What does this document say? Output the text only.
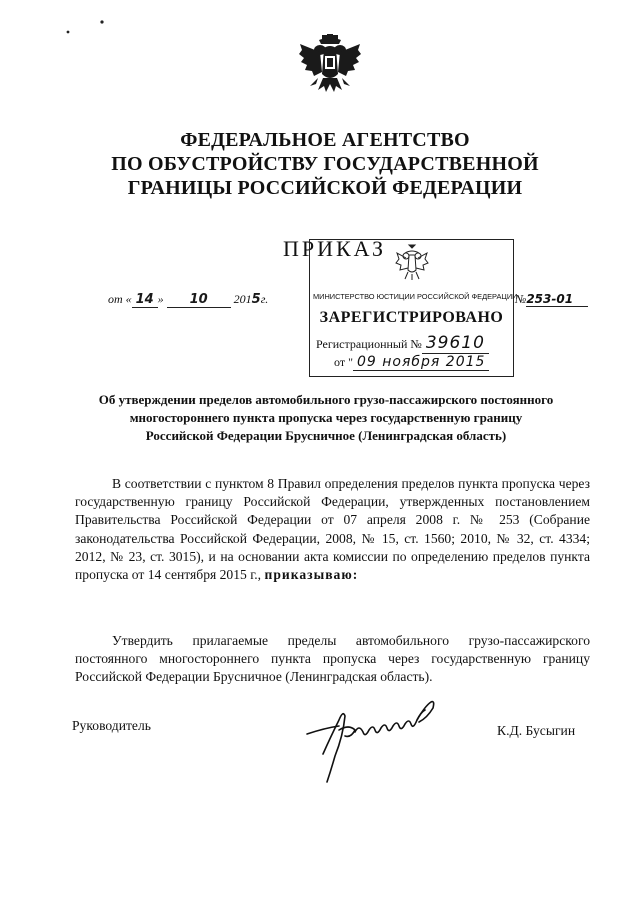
ФЕДЕРАЛЬНОЕ АГЕНТСТВО
ПО ОБУСТРОЙСТВУ ГОСУДАРСТВЕННОЙ
ГРАНИЦЫ РОССИЙСКОЙ ФЕДЕРАЦИИ
ПРИКАЗ
от « 14 » 10 2015г.	№253-01
МИНИСТЕРСТВО ЮСТИЦИИ РОССИЙСКОЙ ФЕДЕРАЦИИ
ЗАРЕГИСТРИРОВАНО
Регистрационный № 39610
от " 09 ноября 2015
Об утверждении пределов автомобильного грузо-пассажирского постоянного
многостороннего пункта пропуска через государственную границу
Российской Федерации Брусничное (Ленинградская область)

В соответствии с пунктом 8 Правил определения пределов пункта пропуска через государственную границу Российской Федерации, утвержденных постановлением Правительства Российской Федерации от 07 апреля 2008 г. № 253 (Собрание законодательства Российской Федерации, 2008, № 15, ст. 1560; 2010, № 32, ст. 4334; 2012, № 23, ст. 3015), и на основании акта комиссии по определению пределов пункта пропуска от 14 сентября 2015 г., приказываю:

Утвердить прилагаемые пределы автомобильного грузо-пассажирского постоянного многостороннего пункта пропуска через государственную границу Российской Федерации Брусничное (Ленинградская область).

Руководитель	К.Д. Бусыгин
